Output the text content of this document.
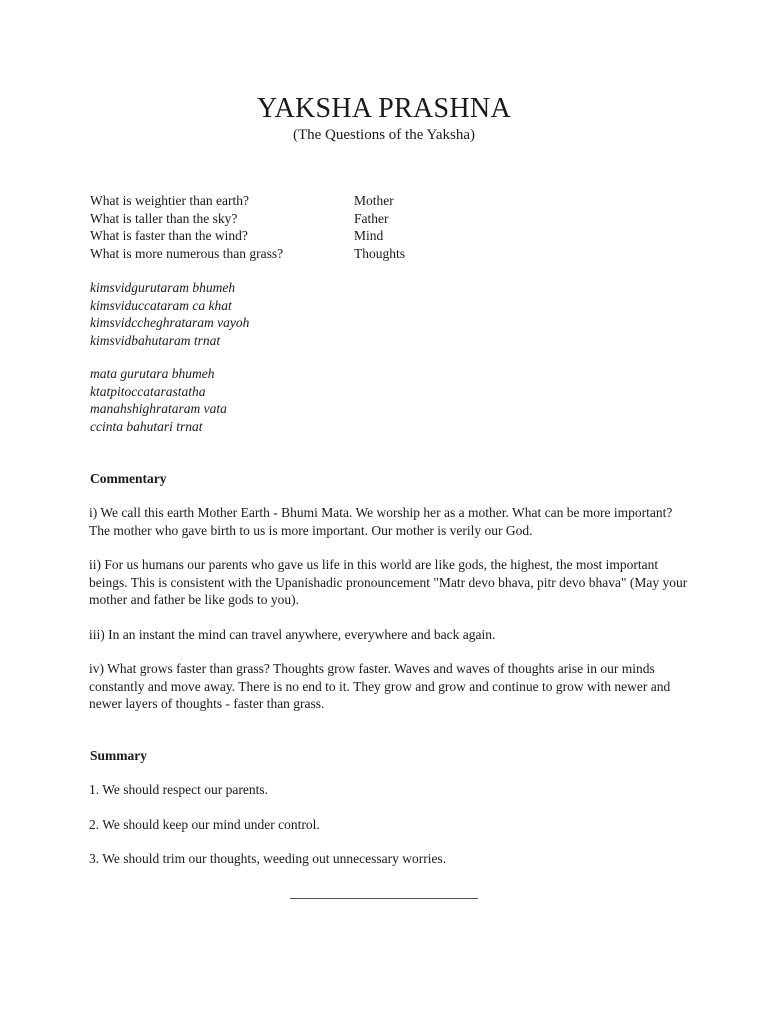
YAKSHA PRASHNA
(The Questions of the Yaksha)
What is weightier than earth?	Mother
What is taller than the sky?	Father
What is faster than the wind?	Mind
What is more numerous than grass?	Thoughts
kimsvidgurutaram bhumeh
kimsviduccataram ca khat
kimsvidccheghrataram vayoh
kimsvidbahutaram trnat
mata gurutara bhumeh
ktatpitoccatarastatha
manahshighrataram vata
ccinta bahutari trnat
Commentary
i) We call this earth Mother Earth - Bhumi Mata. We worship her as a mother. What can be more important? The mother who gave birth to us is more important. Our mother is verily our God.
ii) For us humans our parents who gave us life in this world are like gods, the highest, the most important beings. This is consistent with the Upanishadic pronouncement "Matr devo bhava, pitr devo bhava" (May your mother and father be like gods to you).
iii) In an instant the mind can travel anywhere, everywhere and back again.
iv) What grows faster than grass? Thoughts grow faster. Waves and waves of thoughts arise in our minds constantly and move away. There is no end to it. They grow and grow and continue to grow with newer and newer layers of thoughts - faster than grass.
Summary
1. We should respect our parents.
2. We should keep our mind under control.
3. We should trim our thoughts, weeding out unnecessary worries.
